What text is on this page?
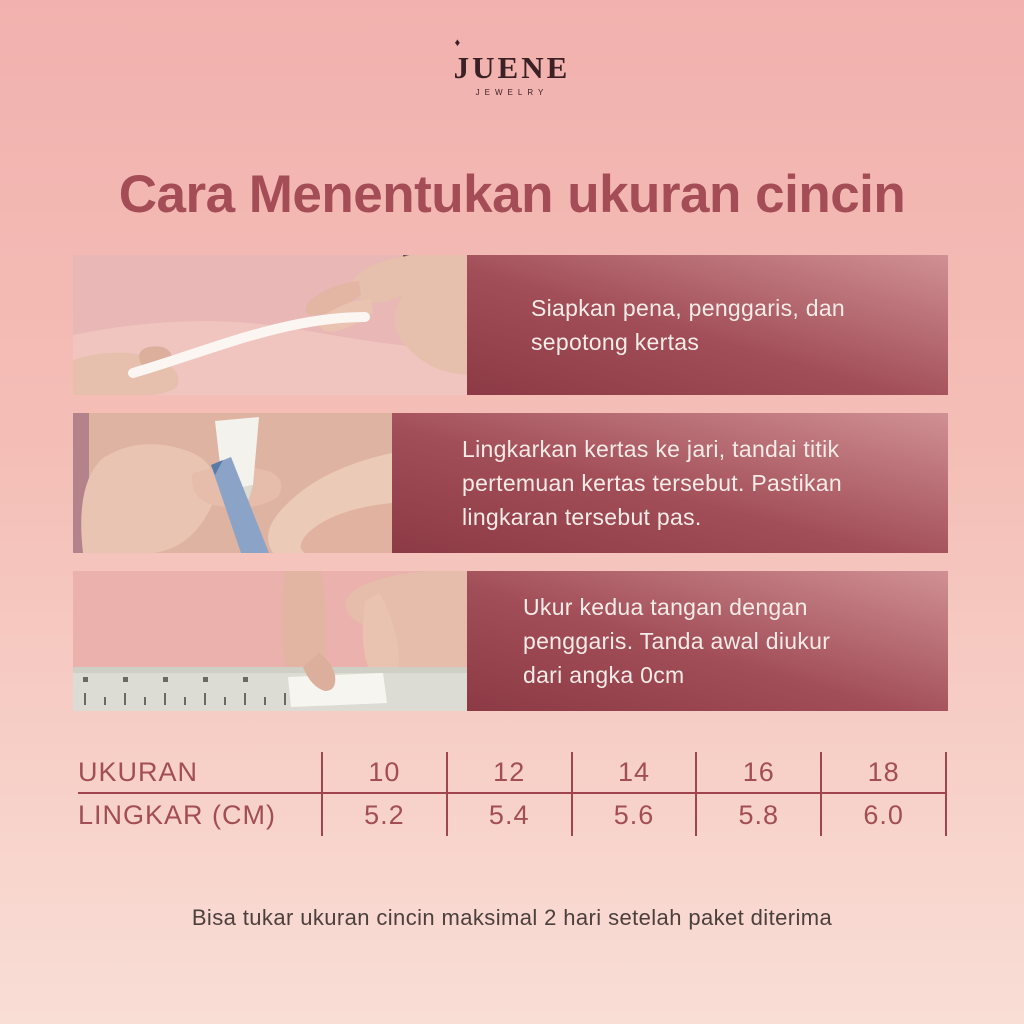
♦
JUENE
JEWELRY
Cara Menentukan ukuran cincin

Siapkan pena, penggaris, dan sepotong kertas

Lingkarkan kertas ke jari, tandai titik pertemuan kertas tersebut. Pastikan lingkaran tersebut pas.

Ukur kedua tangan dengan penggaris. Tanda awal diukur dari angka 0cm

UKURAN	10	12	14	16	18
LINGKAR (CM)	5.2	5.4	5.6	5.8	6.0
Bisa tukar ukuran cincin maksimal 2 hari setelah paket diterima
